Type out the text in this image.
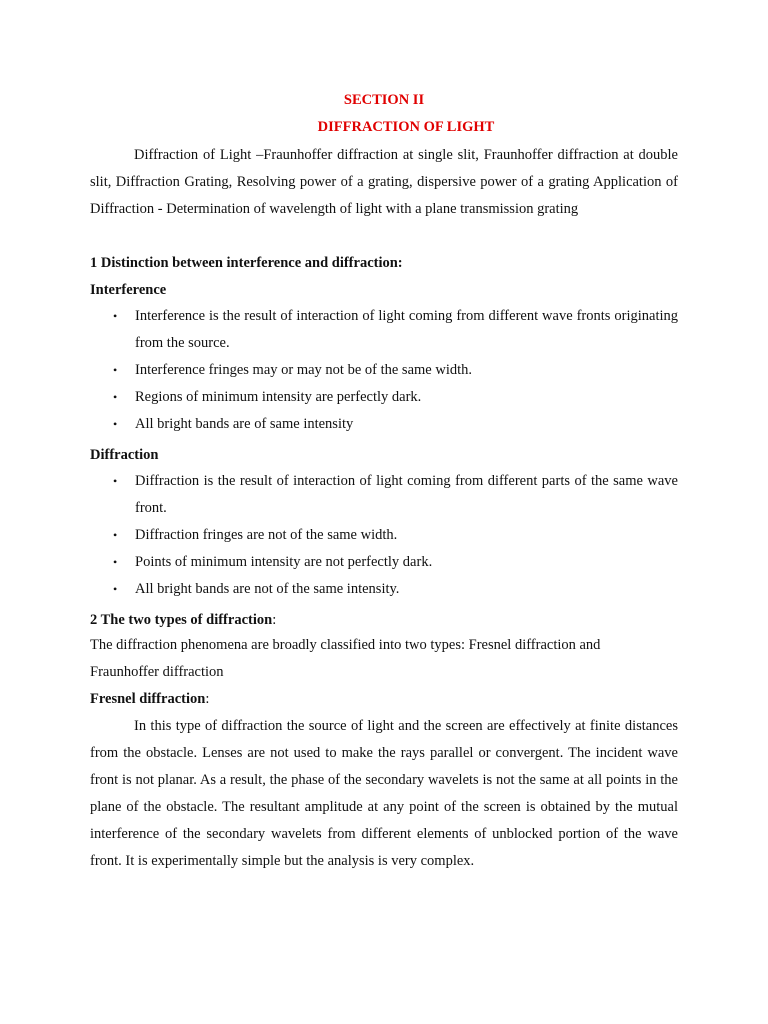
SECTION II

DIFFRACTION OF LIGHT

Diffraction of Light –Fraunhoffer diffraction at single slit, Fraunhoffer diffraction at double slit, Diffraction Grating, Resolving power of a grating, dispersive power of a grating Application of Diffraction - Determination of wavelength of light with a plane transmission grating

1 Distinction between interference and diffraction:

Interference

• Interference is the result of interaction of light coming from different wave fronts originating from the source.
• Interference fringes may or may not be of the same width.
• Regions of minimum intensity are perfectly dark.
• All bright bands are of same intensity

Diffraction

• Diffraction is the result of interaction of light coming from different parts of the same wave front.
• Diffraction fringes are not of the same width.
• Points of minimum intensity are not perfectly dark.
• All bright bands are not of the same intensity.

2 The two types of diffraction:

The diffraction phenomena are broadly classified into two types: Fresnel diffraction and Fraunhoffer diffraction

Fresnel diffraction:

In this type of diffraction the source of light and the screen are effectively at finite distances from the obstacle. Lenses are not used to make the rays parallel or convergent. The incident wave front is not planar. As a result, the phase of the secondary wavelets is not the same at all points in the plane of the obstacle. The resultant amplitude at any point of the screen is obtained by the mutual interference of the secondary wavelets from different elements of unblocked portion of the wave front. It is experimentally simple but the analysis is very complex.
